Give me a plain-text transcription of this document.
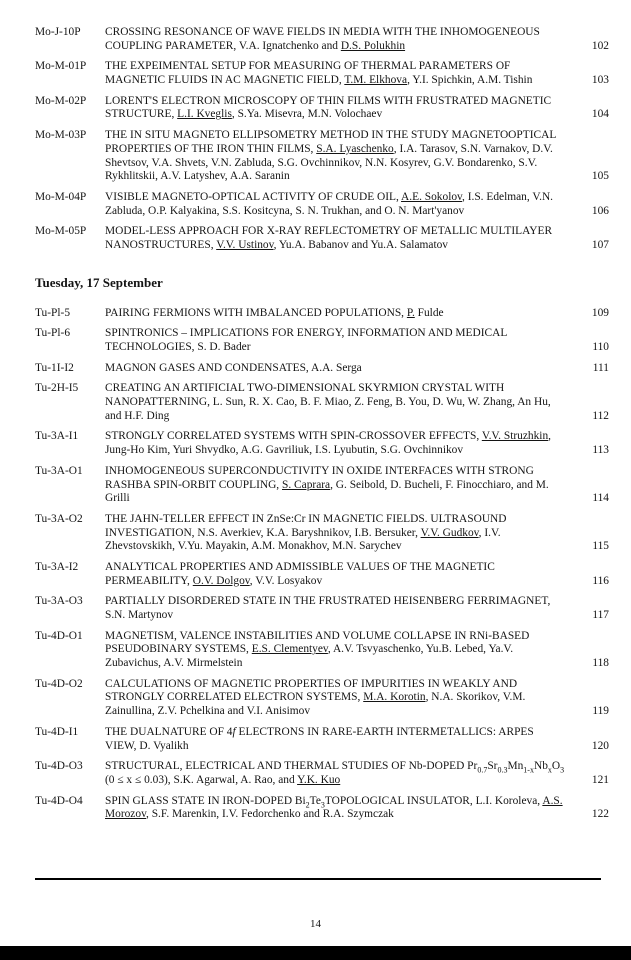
Mo-J-10P	CROSSING RESONANCE OF WAVE FIELDS IN MEDIA WITH THE INHOMOGENEOUS COUPLING PARAMETER, V.A. Ignatchenko and D.S. Polukhin	102
Mo-M-01P	THE EXPEIMENTAL SETUP FOR MEASURING OF THERMAL PARAMETERS OF MAGNETIC FLUIDS IN AC MAGNETIC FIELD, T.M. Elkhova, Y.I. Spichkin, A.M. Tishin	103
Mo-M-02P	LORENT'S ELECTRON MICROSCOPY OF THIN FILMS WITH FRUSTRATED MAGNETIC STRUCTURE, L.I. Kveglis, S.Ya. Misevra, M.N. Volochaev	104
Mo-M-03P	THE IN SITU MAGNETO ELLIPSOMETRY METHOD IN THE STUDY MAGNETOOPTICAL PROPERTIES OF THE IRON THIN FILMS, S.A. Lyaschenko, I.A. Tarasov, S.N. Varnakov, D.V. Shevtsov, V.A. Shvets, V.N. Zabluda, S.G. Ovchinnikov, N.N. Kosyrev, G.V. Bondarenko, S.V. Rykhlitskii, A.V. Latyshev, A.A. Saranin	105
Mo-M-04P	VISIBLE MAGNETO-OPTICAL ACTIVITY OF CRUDE OIL, A.E. Sokolov, I.S. Edelman, V.N. Zabluda, O.P. Kalyakina, S.S. Kositcyna, S. N. Trukhan, and O. N. Mart'yanov	106
Mo-M-05P	MODEL-LESS APPROACH FOR X-RAY REFLECTOMETRY OF METALLIC MULTILAYER NANOSTRUCTURES, V.V. Ustinov, Yu.A. Babanov and Yu.A. Salamatov	107
Tuesday, 17 September
Tu-Pl-5	PAIRING FERMIONS WITH IMBALANCED POPULATIONS, P. Fulde	109
Tu-Pl-6	SPINTRONICS – IMPLICATIONS FOR ENERGY, INFORMATION AND MEDICAL TECHNOLOGIES, S. D. Bader	110
Tu-1I-I2	MAGNON GASES AND CONDENSATES, A.A. Serga	111
Tu-2H-I5	CREATING AN ARTIFICIAL TWO-DIMENSIONAL SKYRMION CRYSTAL WITH NANOPATTERNING, L. Sun, R. X. Cao, B. F. Miao, Z. Feng, B. You, D. Wu, W. Zhang, An Hu, and H.F. Ding	112
Tu-3A-I1	STRONGLY CORRELATED SYSTEMS WITH SPIN-CROSSOVER EFFECTS, V.V. Struzhkin, Jung-Ho Kim, Yuri Shvydko, A.G. Gavriliuk, I.S. Lyubutin, S.G. Ovchinnikov	113
Tu-3A-O1	INHOMOGENEOUS SUPERCONDUCTIVITY IN OXIDE INTERFACES WITH STRONG RASHBA SPIN-ORBIT COUPLING, S. Caprara, G. Seibold, D. Bucheli, F. Finocchiaro, and M. Grilli	114
Tu-3A-O2	THE JAHN-TELLER EFFECT IN ZnSe:Cr IN MAGNETIC FIELDS. ULTRASOUND INVESTIGATION, N.S. Averkiev, K.A. Baryshnikov, I.B. Bersuker, V.V. Gudkov, I.V. Zhevstovskikh, V.Yu. Mayakin, A.M. Monakhov, M.N. Sarychev	115
Tu-3A-I2	ANALYTICAL PROPERTIES AND ADMISSIBLE VALUES OF THE MAGNETIC PERMEABILITY, O.V. Dolgov, V.V. Losyakov	116
Tu-3A-O3	PARTIALLY DISORDERED STATE IN THE FRUSTRATED HEISENBERG FERRIMAGNET, S.N. Martynov	117
Tu-4D-O1	MAGNETISM, VALENCE INSTABILITIES AND VOLUME COLLAPSE IN RNi-BASED PSEUDOBINARY SYSTEMS, E.S. Clementyev, A.V. Tsvyaschenko, Yu.B. Lebed, Ya.V. Zubavichus, A.V. Mirmelstein	118
Tu-4D-O2	CALCULATIONS OF MAGNETIC PROPERTIES OF IMPURITIES IN WEAKLY AND STRONGLY CORRELATED ELECTRON SYSTEMS, M.A. Korotin, N.A. Skorikov, V.M. Zainullina, Z.V. Pchelkina and V.I. Anisimov	119
Tu-4D-I1	THE DUALNATURE OF 4f ELECTRONS IN RARE-EARTH INTERMETALLICS: ARPES VIEW, D. Vyalikh	120
Tu-4D-O3	STRUCTURAL, ELECTRICAL AND THERMAL STUDIES OF Nb-DOPED $Pr_{0.7}Sr_{0.3}Mn_{1-x}Nb_xO_3$ (0 ≤ x ≤ 0.03), S.K. Agarwal, A. Rao, and Y.K. Kuo	121
Tu-4D-O4	SPIN GLASS STATE IN IRON-DOPED $Bi_2Te_3TOPOLOGICAL$ INSULATOR, L.I. Koroleva, A.S. Morozov, S.F. Marenkin, I.V. Fedorchenko and R.A. Szymczak	122
14
